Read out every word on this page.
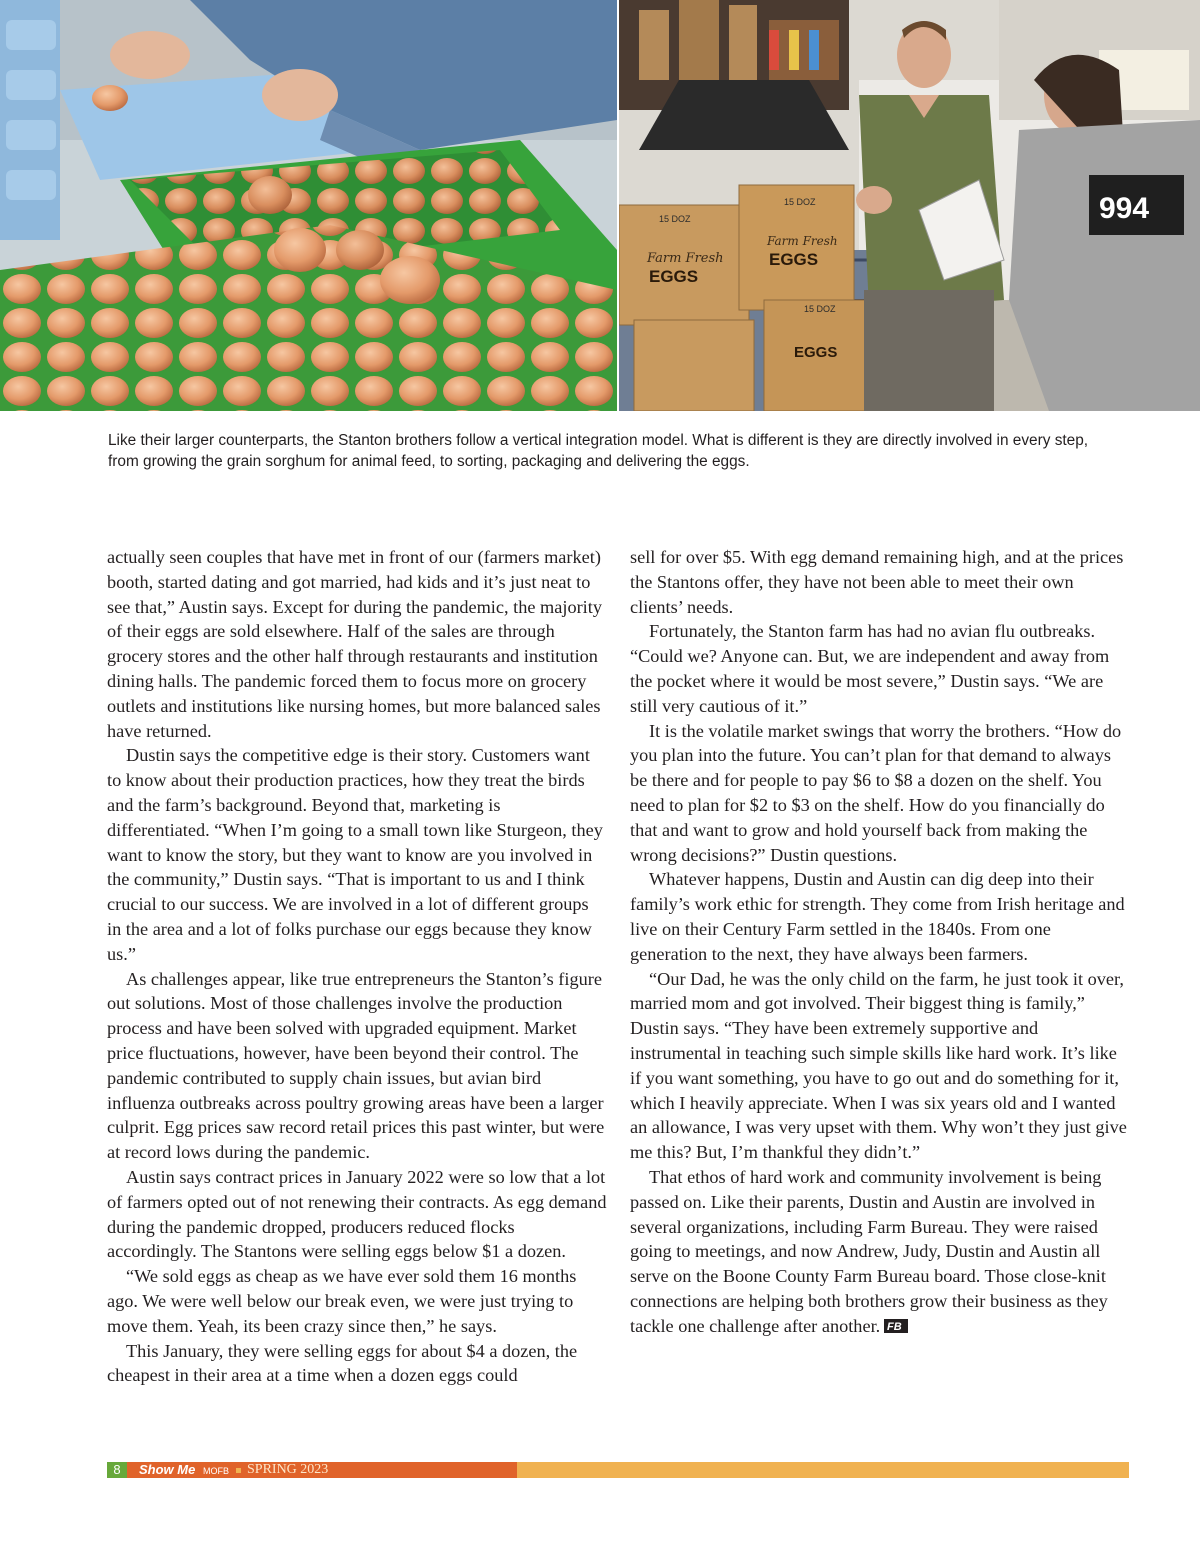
15 DOZ
15 DOZ
15 DOZ
Farm Fresh
EGGS
Farm Fresh
EGGS
EGGS
994
Like their larger counterparts, the Stanton brothers follow a vertical integration model. What is different is they are directly involved in every step, from growing the grain sorghum for animal feed, to sorting, packaging and delivering the eggs.

actually seen couples that have met in front of our (farmers market) booth, started dating and got married, had kids and it’s just neat to see that,” Austin says. Except for during the pandemic, the majority of their eggs are sold elsewhere. Half of the sales are through grocery stores and the other half through restaurants and institution dining halls. The pandemic forced them to focus more on grocery outlets and institutions like nursing homes, but more balanced sales have returned.

Dustin says the competitive edge is their story. Customers want to know about their production practices, how they treat the birds and the farm’s background. Beyond that, marketing is differentiated. “When I’m going to a small town like Sturgeon, they want to know the story, but they want to know are you involved in the community,” Dustin says. “That is important to us and I think crucial to our success. We are involved in a lot of different groups in the area and a lot of folks purchase our eggs because they know us.”

As challenges appear, like true entrepreneurs the Stanton’s figure out solutions. Most of those challenges involve the production process and have been solved with upgraded equipment. Market price fluctuations, however, have been beyond their control. The pandemic contributed to supply chain issues, but avian bird influenza outbreaks across poultry growing areas have been a larger culprit. Egg prices saw record retail prices this past winter, but were at record lows during the pandemic.

Austin says contract prices in January 2022 were so low that a lot of farmers opted out of not renewing their contracts. As egg demand during the pandemic dropped, producers reduced flocks accordingly. The Stantons were selling eggs below $1 a dozen.

“We sold eggs as cheap as we have ever sold them 16 months ago. We were well below our break even, we were just trying to move them. Yeah, its been crazy since then,” he says.

This January, they were selling eggs for about $4 a dozen, the cheapest in their area at a time when a dozen eggs could

sell for over $5. With egg demand remaining high, and at the prices the Stantons offer, they have not been able to meet their own clients’ needs.

Fortunately, the Stanton farm has had no avian flu outbreaks. “Could we? Anyone can. But, we are independent and away from the pocket where it would be most severe,” Dustin says. “We are still very cautious of it.”

It is the volatile market swings that worry the brothers. “How do you plan into the future. You can’t plan for that demand to always be there and for people to pay $6 to $8 a dozen on the shelf. You need to plan for $2 to $3 on the shelf. How do you financially do that and want to grow and hold yourself back from making the wrong decisions?” Dustin questions.

Whatever happens, Dustin and Austin can dig deep into their family’s work ethic for strength. They come from Irish heritage and live on their Century Farm settled in the 1840s. From one generation to the next, they have always been farmers.

“Our Dad, he was the only child on the farm, he just took it over, married mom and got involved. Their biggest thing is family,” Dustin says. “They have been extremely supportive and instrumental in teaching such simple skills like hard work. It’s like if you want something, you have to go out and do something for it, which I heavily appreciate. When I was six years old and I wanted an allowance, I was very upset with them. Why won’t they just give me this? But, I’m thankful they didn’t.”

That ethos of hard work and community involvement is being passed on. Like their parents, Dustin and Austin are involved in several organizations, including Farm Bureau. They were raised going to meetings, and now Andrew, Judy, Dustin and Austin all serve on the Boone County Farm Bureau board. Those close-knit connections are helping both brothers grow their business as they tackle one challenge after another. FB

8	Show Me MOFB SPRING 2023
